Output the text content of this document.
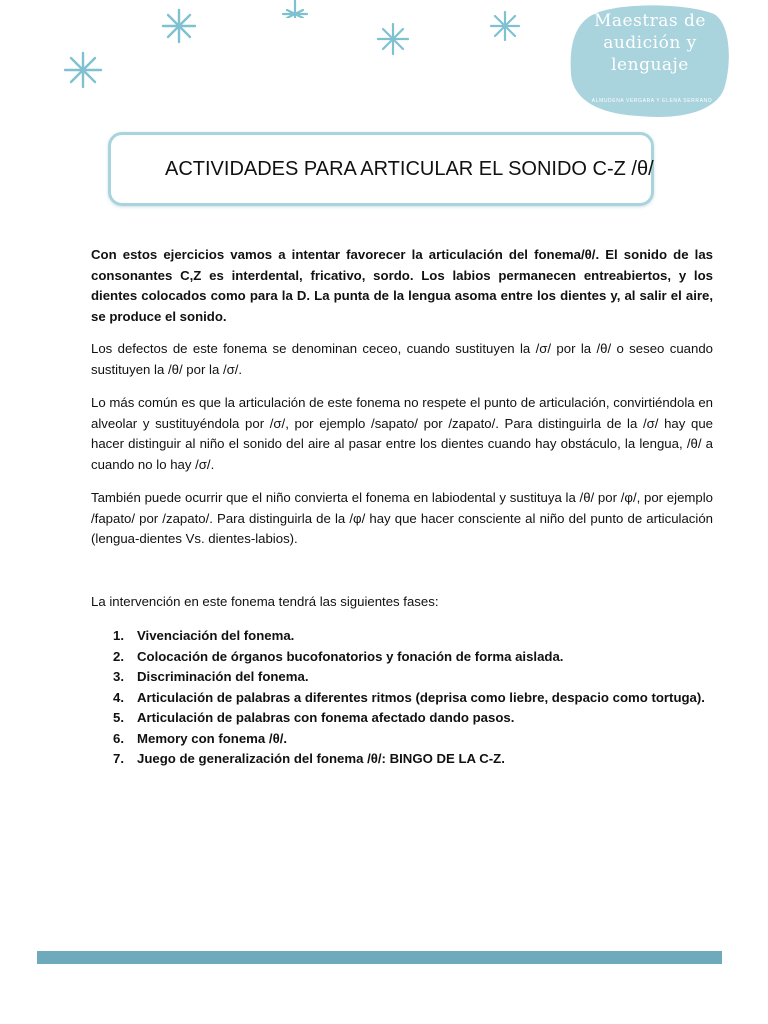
Maestras de
audición y
lenguaje
ALMUDENA VERGARA Y ELENA SERRANO
ACTIVIDADES PARA ARTICULAR EL SONIDO C-Z /θ/

Con estos ejercicios vamos a intentar favorecer la articulación del fonema/θ/. El sonido de las consonantes C,Z es interdental, fricativo, sordo. Los labios permanecen entreabiertos, y los dientes colocados como para la D. La punta de la lengua asoma entre los dientes y, al salir el aire, se produce el sonido.

Los defectos de este fonema se denominan ceceo, cuando sustituyen la /σ/ por la /θ/ o seseo cuando sustituyen la /θ/ por la /σ/.

Lo más común es que la articulación de este fonema no respete el punto de articulación, convirtiéndola en alveolar y sustituyéndola por /σ/, por ejemplo /sapato/ por /zapato/. Para distinguirla de la /σ/ hay que hacer distinguir al niño el sonido del aire al pasar entre los dientes cuando hay obstáculo, la lengua, /θ/ a cuando no lo hay /σ/.

También puede ocurrir que el niño convierta el fonema en labiodental y sustituya la /θ/ por /φ/, por ejemplo /fapato/ por /zapato/. Para distinguirla de la /φ/ hay que hacer consciente al niño del punto de articulación (lengua-dientes Vs. dientes-labios).

La intervención en este fonema tendrá las siguientes fases:

1. Vivenciación del fonema.
2. Colocación de órganos bucofonatorios y fonación de forma aislada.
3. Discriminación del fonema.
4. Articulación de palabras a diferentes ritmos (deprisa como liebre, despacio como tortuga).
5. Articulación de palabras con fonema afectado dando pasos.
6. Memory con fonema /θ/.
7. Juego de generalización del fonema /θ/: BINGO DE LA C-Z.
